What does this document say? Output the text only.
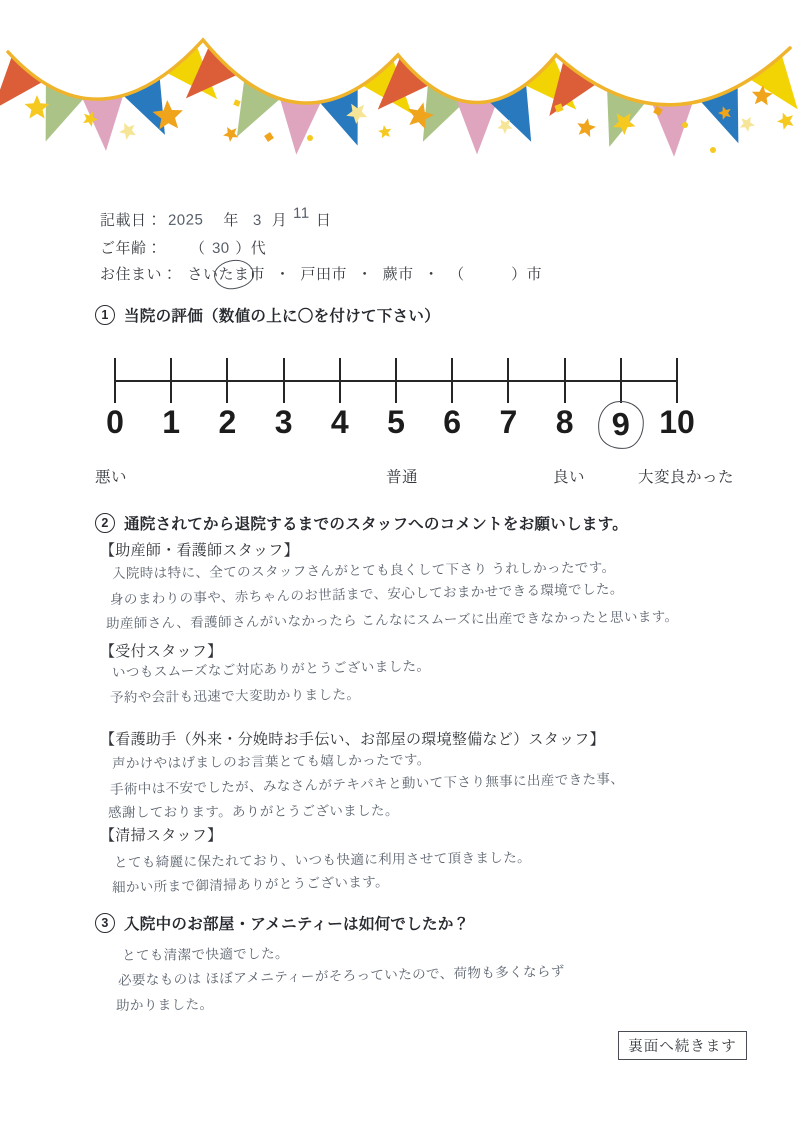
記載日： 2025 年 3 月 11 日
ご年齢： （ 30 ）代
お住まい： さいたま市 ・ 戸田市 ・ 蕨市 ・ （　　　）市
1 当院の評価（数値の上に〇を付けて下さい）
0 1 2 3 4 5 6 7 8 9 10
悪い	普通	良い	大変良かった
2 通院されてから退院するまでのスタッフへのコメントをお願いします。
【助産師・看護師スタッフ】
入院時は特に、全てのスタッフさんがとても良くして下さり うれしかったです。
身のまわりの事や、赤ちゃんのお世話まで、安心しておまかせできる環境でした。
助産師さん、看護師さんがいなかったら こんなにスムーズに出産できなかったと思います。
【受付スタッフ】
いつもスムーズなご対応ありがとうございました。
予約や会計も迅速で大変助かりました。
【看護助手（外来・分娩時お手伝い、お部屋の環境整備など）スタッフ】
声かけやはげましのお言葉とても嬉しかったです。
手術中は不安でしたが、みなさんがテキパキと動いて下さり無事に出産できた事、
感謝しております。ありがとうございました。
【清掃スタッフ】
とても綺麗に保たれており、いつも快適に利用させて頂きました。
細かい所まで御清掃ありがとうございます。
3 入院中のお部屋・アメニティーは如何でしたか？
とても清潔で快適でした。
必要なものは ほぼアメニティーがそろっていたので、荷物も多くならず
助かりました。
裏面へ続きます
